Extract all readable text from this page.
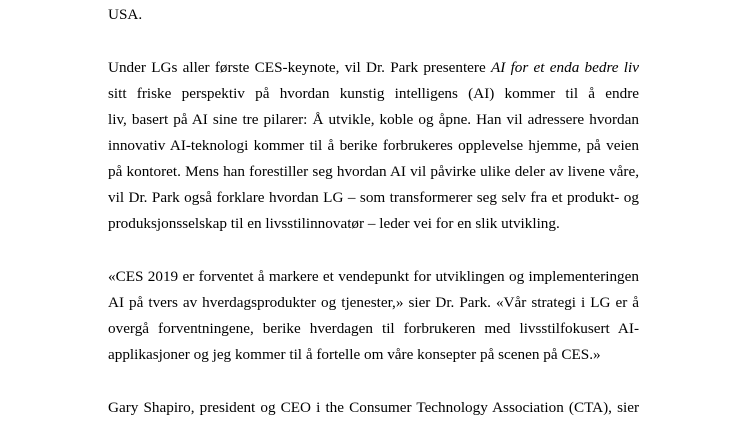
USA.
Under LGs aller første CES-keynote, vil Dr. Park presentere AI for et enda bedre liv
sitt friske perspektiv på hvordan kunstig intelligens (AI) kommer til å endre
liv, basert på AI sine tre pilarer: Å utvikle, koble og åpne. Han vil adressere hvordan
innovativ AI-teknologi kommer til å berike forbrukeres opplevelse hjemme, på veien
på kontoret. Mens han forestiller seg hvordan AI vil påvirke ulike deler av livene våre,
vil Dr. Park også forklare hvordan LG – som transformerer seg selv fra et produkt- og
produksjonsselskap til en livsstilinnovatør – leder vei for en slik utvikling.
«CES 2019 er forventet å markere et vendepunkt for utviklingen og implementeringen
AI på tvers av hverdagsprodukter og tjenester,» sier Dr. Park. «Vår strategi i LG er å
overgå forventningene, berike hverdagen til forbrukeren med livsstilfokusert AI-
applikasjoner og jeg kommer til å fortelle om våre konsepter på scenen på CES.»
Gary Shapiro, president og CEO i the Consumer Technology Association (CTA), sier
